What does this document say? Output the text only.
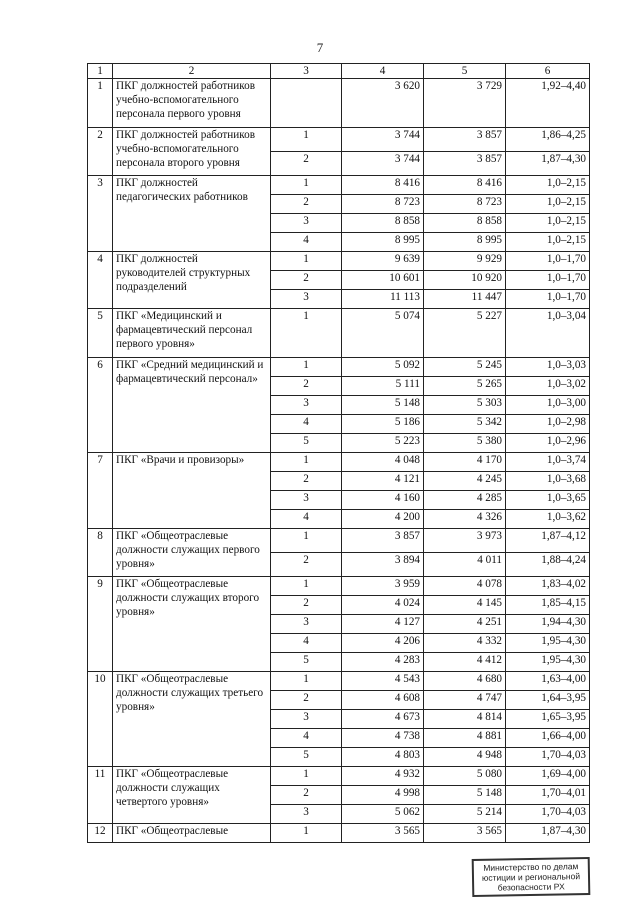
7
1	2	3	4	5	6
1	ПКГ должностей работников учебно-вспомогательного персонала первого уровня		3 620	3 729	1,92–4,40
2	ПКГ должностей работников учебно-вспомогательного персонала второго уровня	1	3 744	3 857	1,86–4,25
		2	3 744	3 857	1,87–4,30
3	ПКГ должностей педагогических работников	1	8 416	8 416	1,0–2,15
		2	8 723	8 723	1,0–2,15
		3	8 858	8 858	1,0–2,15
		4	8 995	8 995	1,0–2,15
4	ПКГ должностей руководителей структурных подразделений	1	9 639	9 929	1,0–1,70
		2	10 601	10 920	1,0–1,70
		3	11 113	11 447	1,0–1,70
5	ПКГ «Медицинский и фармацевтический персонал первого уровня»	1	5 074	5 227	1,0–3,04
6	ПКГ «Средний медицинский и фармацевтический персонал»	1	5 092	5 245	1,0–3,03
		2	5 111	5 265	1,0–3,02
		3	5 148	5 303	1,0–3,00
		4	5 186	5 342	1,0–2,98
		5	5 223	5 380	1,0–2,96
7	ПКГ «Врачи и провизоры»	1	4 048	4 170	1,0–3,74
		2	4 121	4 245	1,0–3,68
		3	4 160	4 285	1,0–3,65
		4	4 200	4 326	1,0–3,62
8	ПКГ «Общеотраслевые должности служащих первого уровня»	1	3 857	3 973	1,87–4,12
		2	3 894	4 011	1,88–4,24
9	ПКГ «Общеотраслевые должности служащих второго уровня»	1	3 959	4 078	1,83–4,02
		2	4 024	4 145	1,85–4,15
		3	4 127	4 251	1,94–4,30
		4	4 206	4 332	1,95–4,30
		5	4 283	4 412	1,95–4,30
10	ПКГ «Общеотраслевые должности служащих третьего уровня»	1	4 543	4 680	1,63–4,00
		2	4 608	4 747	1,64–3,95
		3	4 673	4 814	1,65–3,95
		4	4 738	4 881	1,66–4,00
		5	4 803	4 948	1,70–4,03
11	ПКГ «Общеотраслевые должности служащих четвертого уровня»	1	4 932	5 080	1,69–4,00
		2	4 998	5 148	1,70–4,01
		3	5 062	5 214	1,70–4,03
12	ПКГ «Общеотраслевые	1	3 565	3 565	1,87–4,30
Министерство по делам
юстиции и региональной
безопасности РХ
